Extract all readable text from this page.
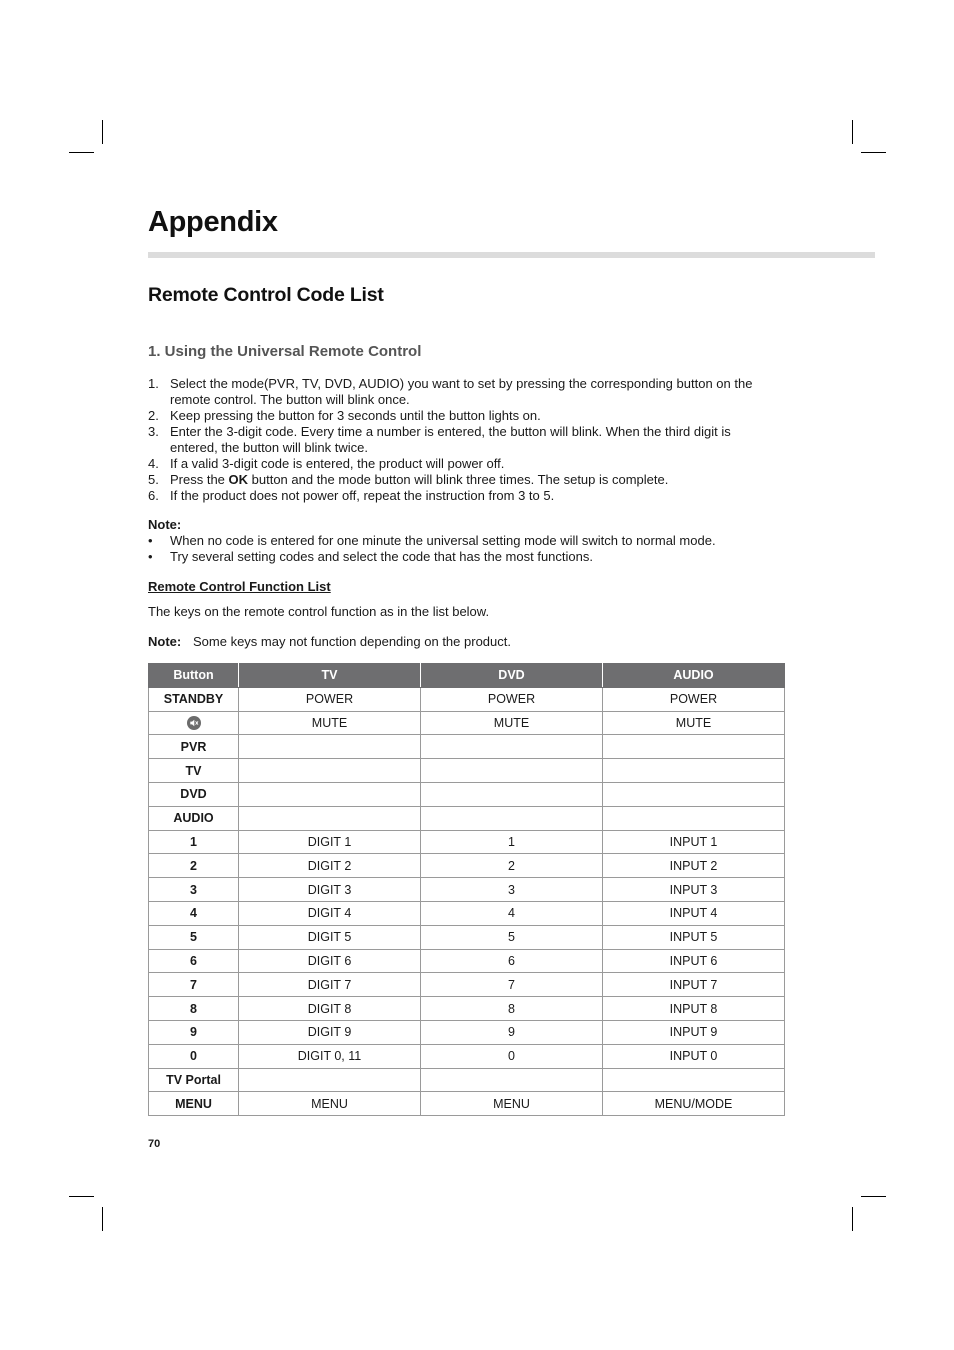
Appendix
Remote Control Code List
1. Using the Universal Remote Control
1. Select the mode(PVR, TV, DVD, AUDIO) you want to set by pressing the corresponding button on the remote control. The button will blink once.
2. Keep pressing the button for 3 seconds until the button lights on.
3. Enter the 3-digit code. Every time a number is entered, the button will blink. When the third digit is entered, the button will blink twice.
4. If a valid 3-digit code is entered, the product will power off.
5. Press the OK button and the mode button will blink three times. The setup is complete.
6. If the product does not power off, repeat the instruction from 3 to 5.
Note:
• When no code is entered for one minute the universal setting mode will switch to normal mode.
• Try several setting codes and select the code that has the most functions.
Remote Control Function List
The keys on the remote control function as in the list below.
Note: Some keys may not function depending on the product.
Button	TV	DVD	AUDIO
STANDBY	POWER	POWER	POWER
	MUTE	MUTE	MUTE
PVR			
TV			
DVD			
AUDIO			
1	DIGIT 1	1	INPUT 1
2	DIGIT 2	2	INPUT 2
3	DIGIT 3	3	INPUT 3
4	DIGIT 4	4	INPUT 4
5	DIGIT 5	5	INPUT 5
6	DIGIT 6	6	INPUT 6
7	DIGIT 7	7	INPUT 7
8	DIGIT 8	8	INPUT 8
9	DIGIT 9	9	INPUT 9
0	DIGIT 0, 11	0	INPUT 0
TV Portal			
MENU	MENU	MENU	MENU/MODE
70
